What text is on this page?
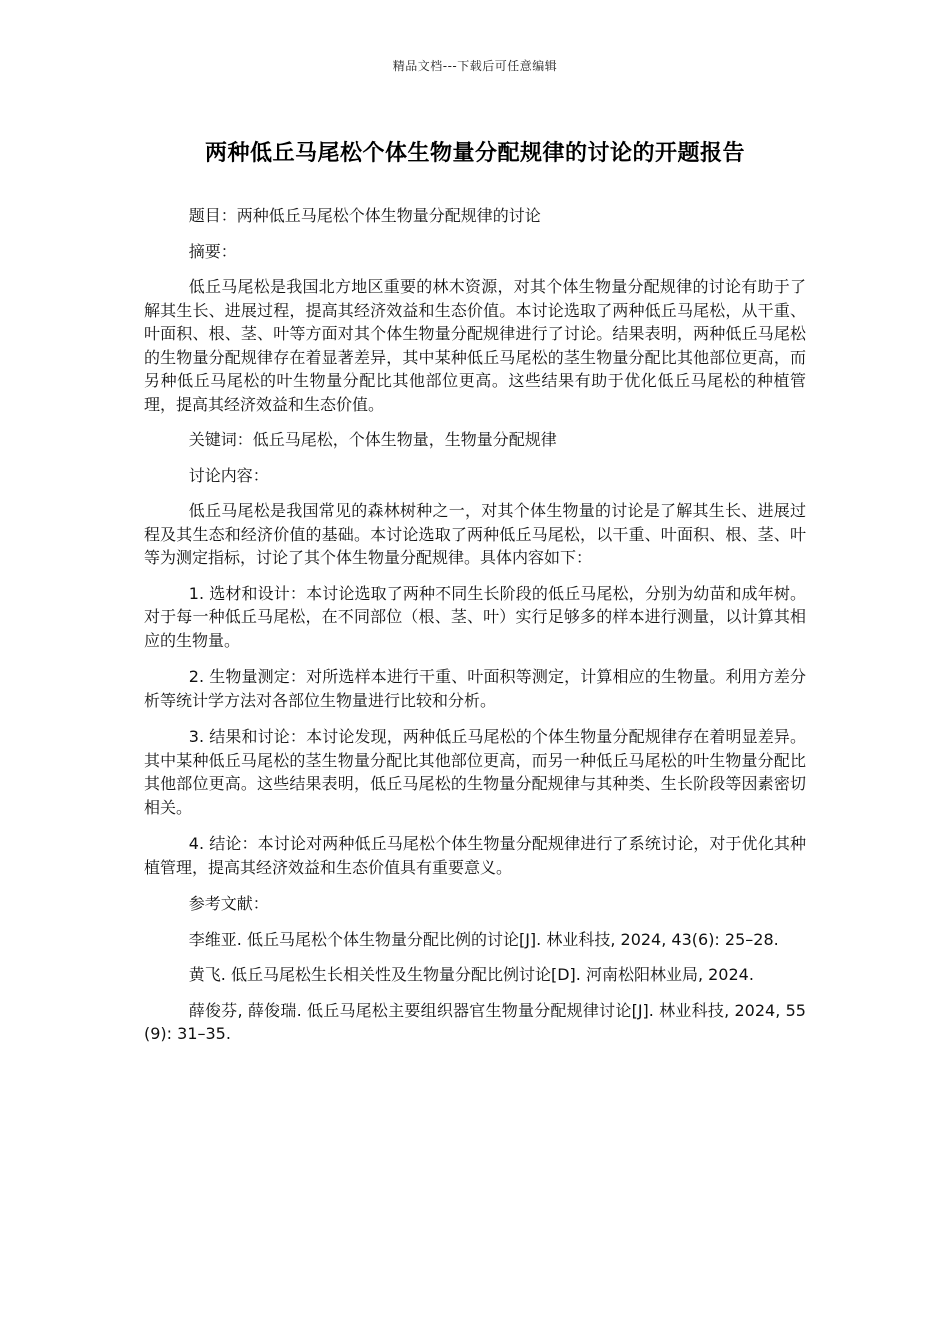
精品文档---下载后可任意编辑
两种低丘马尾松个体生物量分配规律的讨论的开题报告

题目：两种低丘马尾松个体生物量分配规律的讨论

摘要：

低丘马尾松是我国北方地区重要的林木资源，对其个体生物量分配规律的讨论有助于了解其生长、进展过程，提高其经济效益和生态价值。本讨论选取了两种低丘马尾松，从干重、叶面积、根、茎、叶等方面对其个体生物量分配规律进行了讨论。结果表明，两种低丘马尾松的生物量分配规律存在着显著差异，其中某种低丘马尾松的茎生物量分配比其他部位更高，而另种低丘马尾松的叶生物量分配比其他部位更高。这些结果有助于优化低丘马尾松的种植管理，提高其经济效益和生态价值。

关键词：低丘马尾松，个体生物量，生物量分配规律

讨论内容：

低丘马尾松是我国常见的森林树种之一，对其个体生物量的讨论是了解其生长、进展过程及其生态和经济价值的基础。本讨论选取了两种低丘马尾松，以干重、叶面积、根、茎、叶等为测定指标，讨论了其个体生物量分配规律。具体内容如下：

1. 选材和设计：本讨论选取了两种不同生长阶段的低丘马尾松，分别为幼苗和成年树。对于每一种低丘马尾松，在不同部位（根、茎、叶）实行足够多的样本进行测量，以计算其相应的生物量。

2. 生物量测定：对所选样本进行干重、叶面积等测定，计算相应的生物量。利用方差分析等统计学方法对各部位生物量进行比较和分析。

3. 结果和讨论：本讨论发现，两种低丘马尾松的个体生物量分配规律存在着明显差异。其中某种低丘马尾松的茎生物量分配比其他部位更高，而另一种低丘马尾松的叶生物量分配比其他部位更高。这些结果表明，低丘马尾松的生物量分配规律与其种类、生长阶段等因素密切相关。

4. 结论：本讨论对两种低丘马尾松个体生物量分配规律进行了系统讨论，对于优化其种植管理，提高其经济效益和生态价值具有重要意义。

参考文献：

李维亚. 低丘马尾松个体生物量分配比例的讨论[J]. 林业科技, 2024, 43(6): 25–28.

黄飞. 低丘马尾松生长相关性及生物量分配比例讨论[D]. 河南松阳林业局, 2024.

薛俊芬, 薛俊瑞. 低丘马尾松主要组织器官生物量分配规律讨论[J]. 林业科技, 2024, 55(9): 31–35.
